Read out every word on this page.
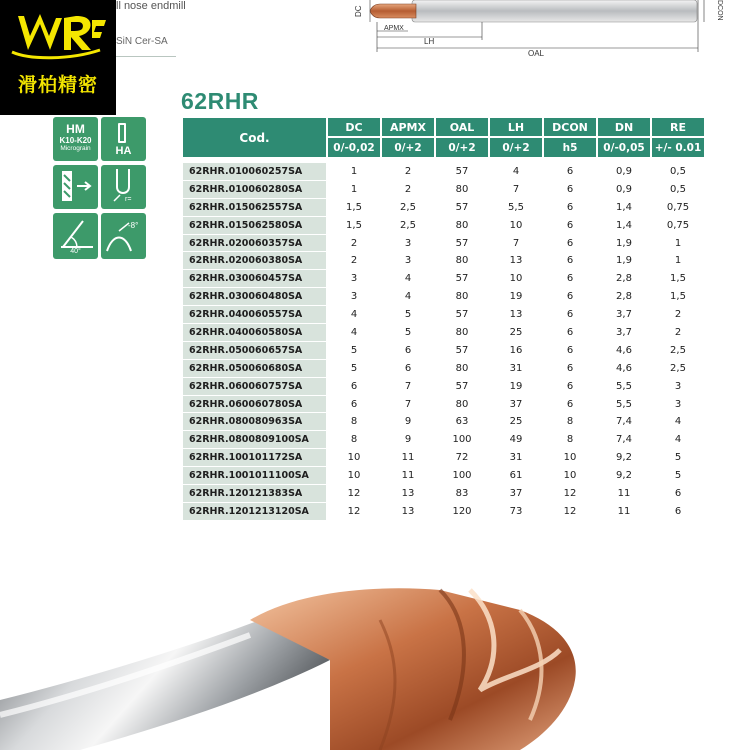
滑柏精密
ll nose endmill
SiN Cer-SA
DC
APMX
LH
OAL
DCON
62RHR
HM
K10-K20
Micrograin	HA
r=
40°
-8°
Cod.	DC	APMX	OAL	LH	DCON	DN	RE
	0/-0,02	0/+2	0/+2	0/+2	h5	0/-0,05	+/- 0.01

62RHR.010060257SA	1	2	57	4	6	0,9	0,5
62RHR.010060280SA	1	2	80	7	6	0,9	0,5
62RHR.015062557SA	1,5	2,5	57	5,5	6	1,4	0,75
62RHR.015062580SA	1,5	2,5	80	10	6	1,4	0,75
62RHR.020060357SA	2	3	57	7	6	1,9	1
62RHR.020060380SA	2	3	80	13	6	1,9	1
62RHR.030060457SA	3	4	57	10	6	2,8	1,5
62RHR.030060480SA	3	4	80	19	6	2,8	1,5
62RHR.040060557SA	4	5	57	13	6	3,7	2
62RHR.040060580SA	4	5	80	25	6	3,7	2
62RHR.050060657SA	5	6	57	16	6	4,6	2,5
62RHR.050060680SA	5	6	80	31	6	4,6	2,5
62RHR.060060757SA	6	7	57	19	6	5,5	3
62RHR.060060780SA	6	7	80	37	6	5,5	3
62RHR.080080963SA	8	9	63	25	8	7,4	4
62RHR.0800809100SA	8	9	100	49	8	7,4	4
62RHR.100101172SA	10	11	72	31	10	9,2	5
62RHR.1001011100SA	10	11	100	61	10	9,2	5
62RHR.120121383SA	12	13	83	37	12	11	6
62RHR.1201213120SA	12	13	120	73	12	11	6
